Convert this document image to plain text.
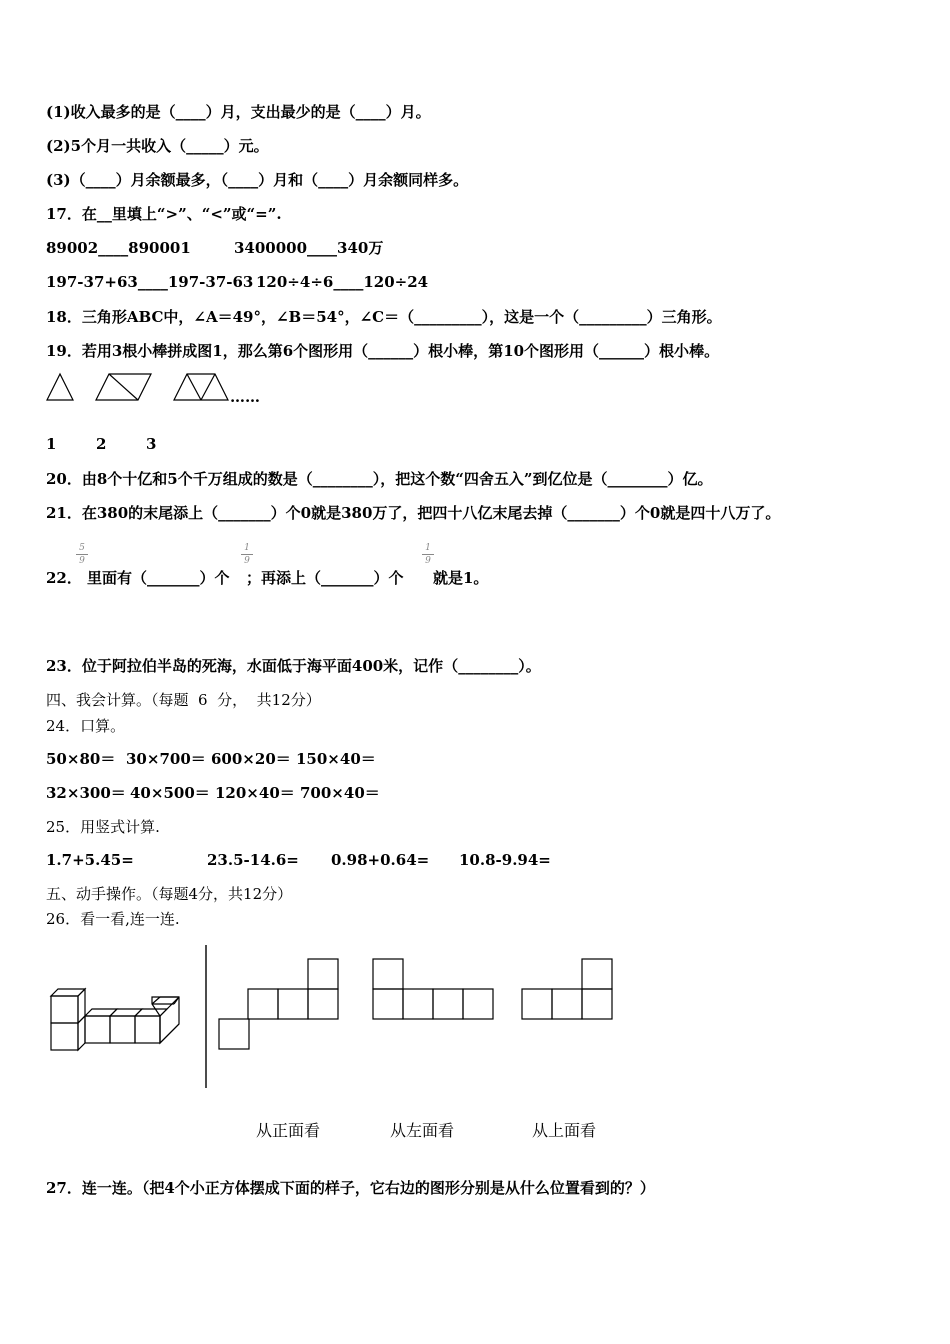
(1)收入最多的是（____）月，支出最少的是（____）月。
(2)5个月一共收入（_____）元。
(3)（____）月余额最多，（____）月和（____）月余额同样多。
17．在__里填上“>”、“<”或“=”.
89002____890001	3400000____340万
197-37+63____197-37-63 120÷4÷6____120÷24
18．三角形ABC中，∠A＝49°，∠B＝54°，∠C＝（_________），这是一个（_________）三角形。
19．若用3根小棒拼成图1，那么第6个图形用（______）根小棒，第10个图形用（______）根小棒。
……
1	2	3
20．由8个十亿和5个千万组成的数是（________），把这个数“四舍五入”到亿位是（________）亿。
21．在380的末尾添上（_______）个0就是380万了，把四十八亿末尾去掉（_______）个0就是四十八万了。
22．
5
9
里面有（_______）个
1
9
；再添上（_______）个
1
9
就是1。
23．位于阿拉伯半岛的死海，水面低于海平面400米，记作（________）。
四、我会计算。（每题  6  分，  共12分）
24．口算。
50×80＝ 30×700＝ 600×20＝ 150×40＝
32×300＝ 40×500＝ 120×40＝ 700×40＝
25．用竖式计算.
1.7+5.45=	23.5-14.6= 0.98+0.64= 10.8-9.94=
五、动手操作。（每题4分，共12分）
26．看一看,连一连.
从正面看	从左面看	从上面看
27．连一连。（把4个小正方体摆成下面的样子，它右边的图形分别是从什么位置看到的？）
